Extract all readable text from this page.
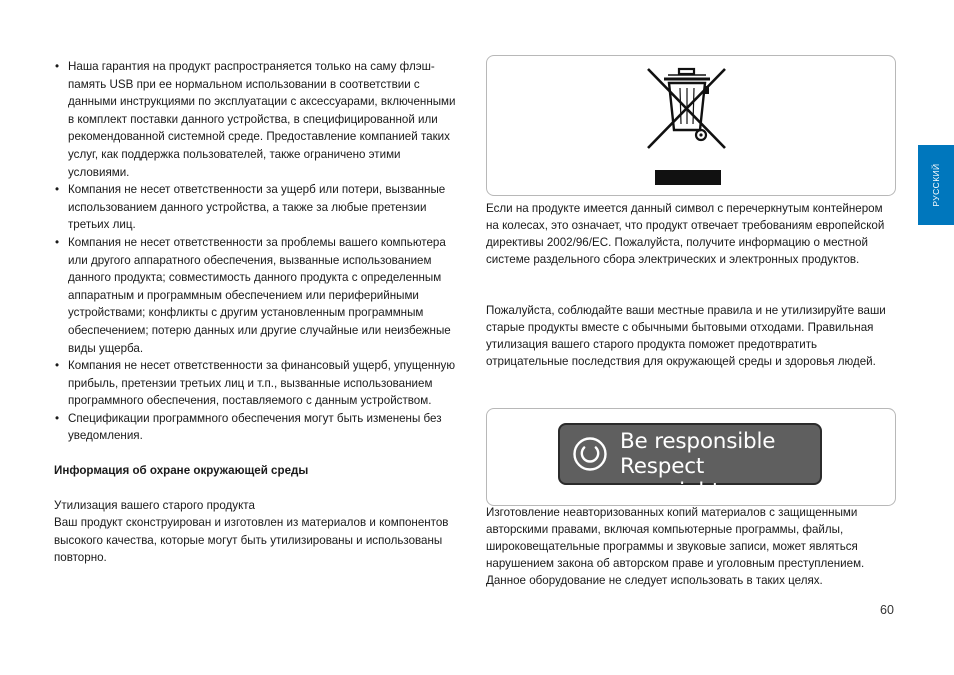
• Наша гарантия на продукт распространяется только на саму флэш-память USB при ее нормальном использовании в соответствии с данными инструкциями по эксплуатации с аксессуарами, включенными в комплект поставки данного устройства, в специфицированной или рекомендованной системной среде. Предоставление компанией таких услуг, как поддержка пользователей, также ограничено этими условиями.
• Компания не несет ответственности за ущерб или потери, вызванные использованием данного устройства, а также за любые претензии третьих лиц.
• Компания не несет ответственности за проблемы вашего компьютера или другого аппаратного обеспечения, вызванные использованием данного продукта; совместимость данного продукта с определенным аппаратным и программным обеспечением или периферийными устройствами; конфликты с другим установленным программным обеспечением; потерю данных или другие случайные или неизбежные виды ущерба.
• Компания не несет ответственности за финансовый ущерб, упущенную прибыль, претензии третьих лиц и т.п., вызванные использованием программного обеспечения, поставляемого с данным устройством.
• Спецификации программного обеспечения могут быть изменены без уведомления.
Информация об охране окружающей среды

Утилизация вашего старого продукта

Ваш продукт сконструирован и изготовлен из материалов и компонентов высокого качества, которые могут быть утилизированы и использованы повторно.

Если на продукте имеется данный символ с перечеркнутым контейнером на колесах, это означает, что продукт отвечает требованиям европейской директивы 2002/96/EC. Пожалуйста, получите информацию о местной системе раздельного сбора электрических и электронных продуктов.

Пожалуйста, соблюдайте ваши местные правила и не утилизируйте ваши старые продукты вместе с обычными бытовыми отходами. Правильная утилизация вашего старого продукта поможет предотвратить отрицательные последствия для окружающей среды и здоровья людей.

Be responsible
Respect copyrights

Изготовление неавторизованных копий материалов с защищенными авторскими правами, включая компьютерные программы, файлы, широковещательные программы и звуковые записи, может являться нарушением закона об авторском праве и уголовным преступлением. Данное оборудование не следует использовать в таких целях.

РУССКИЙ
60
